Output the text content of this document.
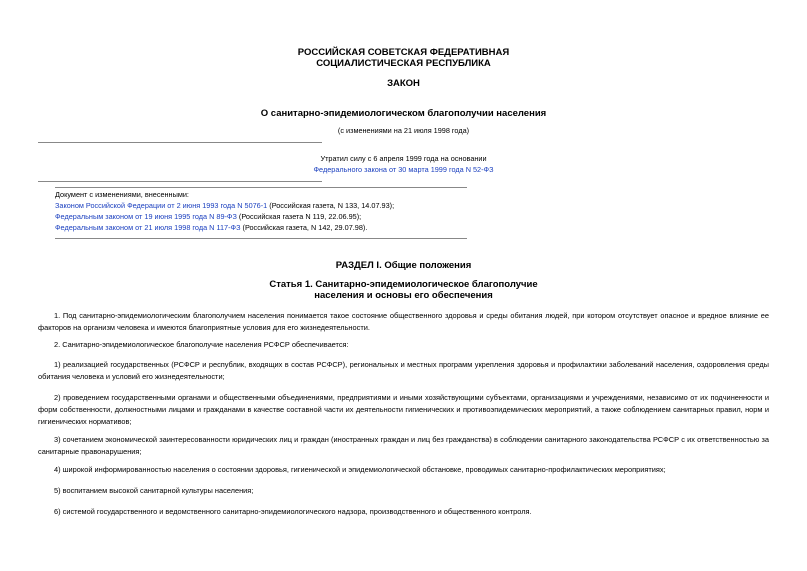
РОССИЙСКАЯ СОВЕТСКАЯ ФЕДЕРАТИВНАЯ
СОЦИАЛИСТИЧЕСКАЯ РЕСПУБЛИКА
ЗАКОН
О санитарно-эпидемиологическом благополучии населения
(с изменениями на 21 июля 1998 года)
Утратил силу с 6 апреля 1999 года на основании
Федерального закона от 30 марта 1999 года N 52-ФЗ
Документ с изменениями, внесенными:
Законом Российской Федерации от 2 июня 1993 года N 5076-1 (Российская газета, N 133, 14.07.93);
Федеральным законом от 19 июня 1995 года N 89-ФЗ (Российская газета N 119, 22.06.95);
Федеральным законом от 21 июля 1998 года N 117-ФЗ (Российская газета, N 142, 29.07.98).
РАЗДЕЛ I. Общие положения
Статья 1. Санитарно-эпидемиологическое благополучие
населения и основы его обеспечения

1. Под санитарно-эпидемиологическим благополучием населения понимается такое состояние общественного здоровья и среды обитания людей, при котором отсутствует опасное и вредное влияние ее факторов на организм человека и имеются благоприятные условия для его жизнедеятельности.

2. Санитарно-эпидемиологическое благополучие населения РСФСР обеспечивается:

1) реализацией государственных (РСФСР и республик, входящих в состав РСФСР), региональных и местных программ укрепления здоровья и профилактики заболеваний населения, оздоровления среды обитания человека и условий его жизнедеятельности;

2) проведением государственными органами и общественными объединениями, предприятиями и иными хозяйствующими субъектами, организациями и учреждениями, независимо от их подчиненности и форм собственности, должностными лицами и гражданами в качестве составной части их деятельности гигиенических и противоэпидемических мероприятий, а также соблюдением санитарных правил, норм и гигиенических нормативов;

3) сочетанием экономической заинтересованности юридических лиц и граждан (иностранных граждан и лиц без гражданства) в соблюдении санитарного законодательства РСФСР с их ответственностью за санитарные правонарушения;

4) широкой информированностью населения о состоянии здоровья, гигиенической и эпидемиологической обстановке, проводимых санитарно-профилактических мероприятиях;

5) воспитанием высокой санитарной культуры населения;

6) системой государственного и ведомственного санитарно-эпидемиологического надзора, производственного и общественного контроля.
